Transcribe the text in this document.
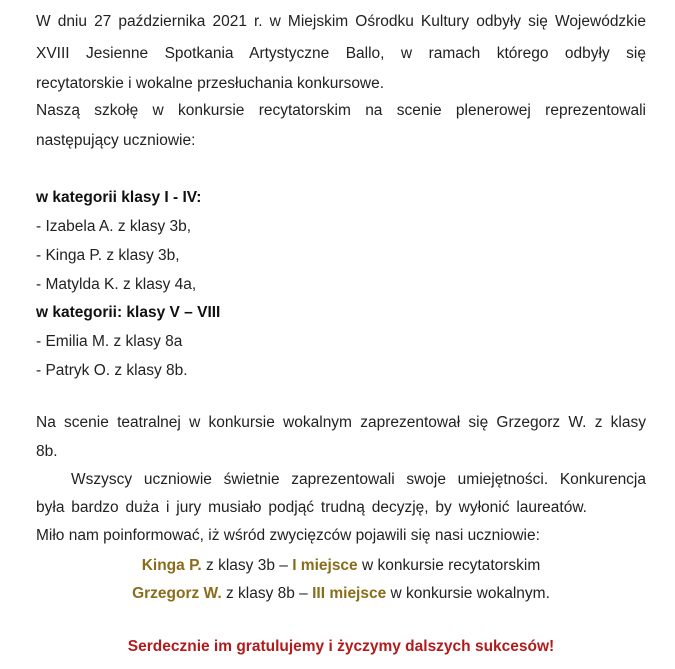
W dniu 27 października 2021 r. w Miejskim Ośrodku Kultury odbyły się Wojewódzkie
XVIII Jesienne Spotkania Artystyczne Ballo, w ramach którego odbyły się
recytatorskie i wokalne przesłuchania konkursowe.
Naszą szkołę w konkursie recytatorskim na scenie plenerowej reprezentowali
następujący uczniowie:
w kategorii klasy I - IV:
- Izabela A. z klasy 3b,
- Kinga P. z klasy 3b,
- Matylda K. z klasy 4a,
w kategorii: klasy V – VIII
- Emilia M. z klasy 8a
- Patryk O. z klasy 8b.
Na scenie teatralnej w konkursie wokalnym zaprezentował się Grzegorz W. z klasy
8b.
Wszyscy uczniowie świetnie zaprezentowali swoje umiejętności. Konkurencja
była bardzo duża i jury musiało podjąć trudną decyzję, by wyłonić laureatów.
Miło nam poinformować, iż wśród zwycięzców pojawili się nasi uczniowie:
Kinga P. z klasy 3b – I miejsce w konkursie recytatorskim
Grzegorz W. z klasy 8b – III miejsce w konkursie wokalnym.
Serdecznie im gratulujemy i życzymy dalszych sukcesów!
